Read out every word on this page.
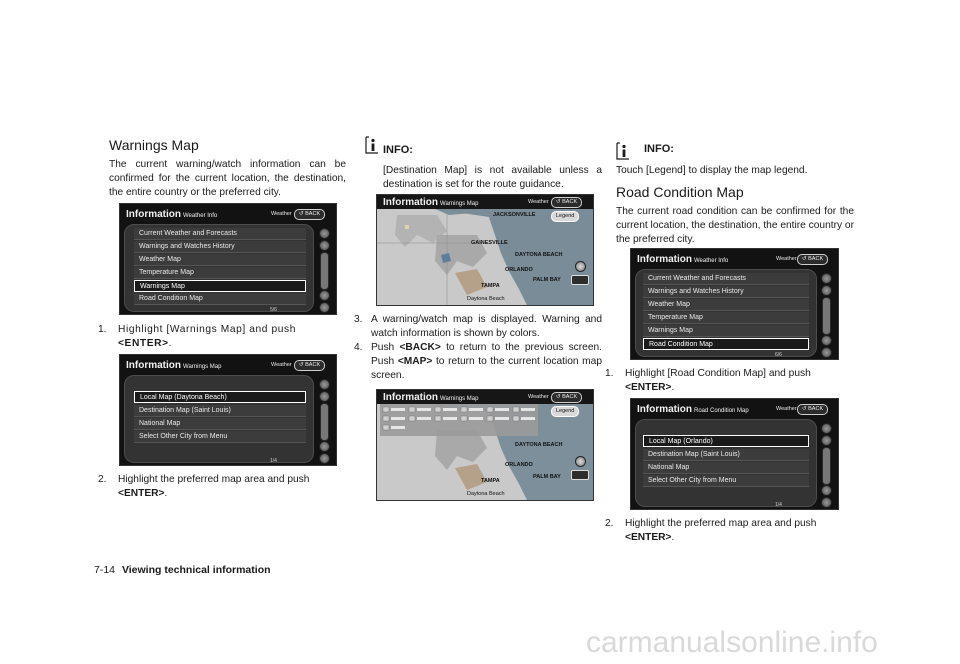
Warnings Map

The current warning/watch information can be confirmed for the current location, the destination, the entire country or the preferred city.

Information Weather Info	Weather	↺ BACK
Current Weather and Forecasts
Warnings and Watches History
Weather Map
Temperature Map
Warnings Map
Road Condition Map
5/6
1. Highlight [Warnings Map] and push
<ENTER>.
Information Warnings Map	Weather	↺ BACK
Local Map (Daytona Beach)
Destination Map (Saint Louis)
National Map
Select Other City from Menu
1/4
2. Highlight the preferred map area and push
<ENTER>.
INFO:

[Destination Map] is not available unless a destination is set for the route guidance.

Information Warnings Map	Weather	↺ BACK
Legend
JACKSONVILLE
GAINESVILLE
DAYTONA BEACH
ORLANDO
TAMPA
PALM BAY
Daytona Beach
3. A warning/watch map is displayed. Warning and watch information is shown by colors.
4. Push <BACK> to return to the previous screen. Push <MAP> to return to the current location map screen.
Information Warnings Map	Weather	↺ BACK
Legend
DAYTONA BEACH
ORLANDO
TAMPA
PALM BAY
Daytona Beach
INFO:

Touch [Legend] to display the map legend.

Road Condition Map

The current road condition can be confirmed for the current location, the destination, the entire country or the preferred city.

Information Weather Info	Weather ↺ BACK
Current Weather and Forecasts
Warnings and Watches History
Weather Map
Temperature Map
Warnings Map
Road Condition Map
6/6
1. Highlight [Road Condition Map] and push
<ENTER>.
Information Road Condition Map	Weather ↺ BACK
Local Map (Orlando)
Destination Map (Saint Louis)
National Map
Select Other City from Menu
1/4
2. Highlight the preferred map area and push
<ENTER>.
7-14 Viewing technical information
carmanualsonline.info
